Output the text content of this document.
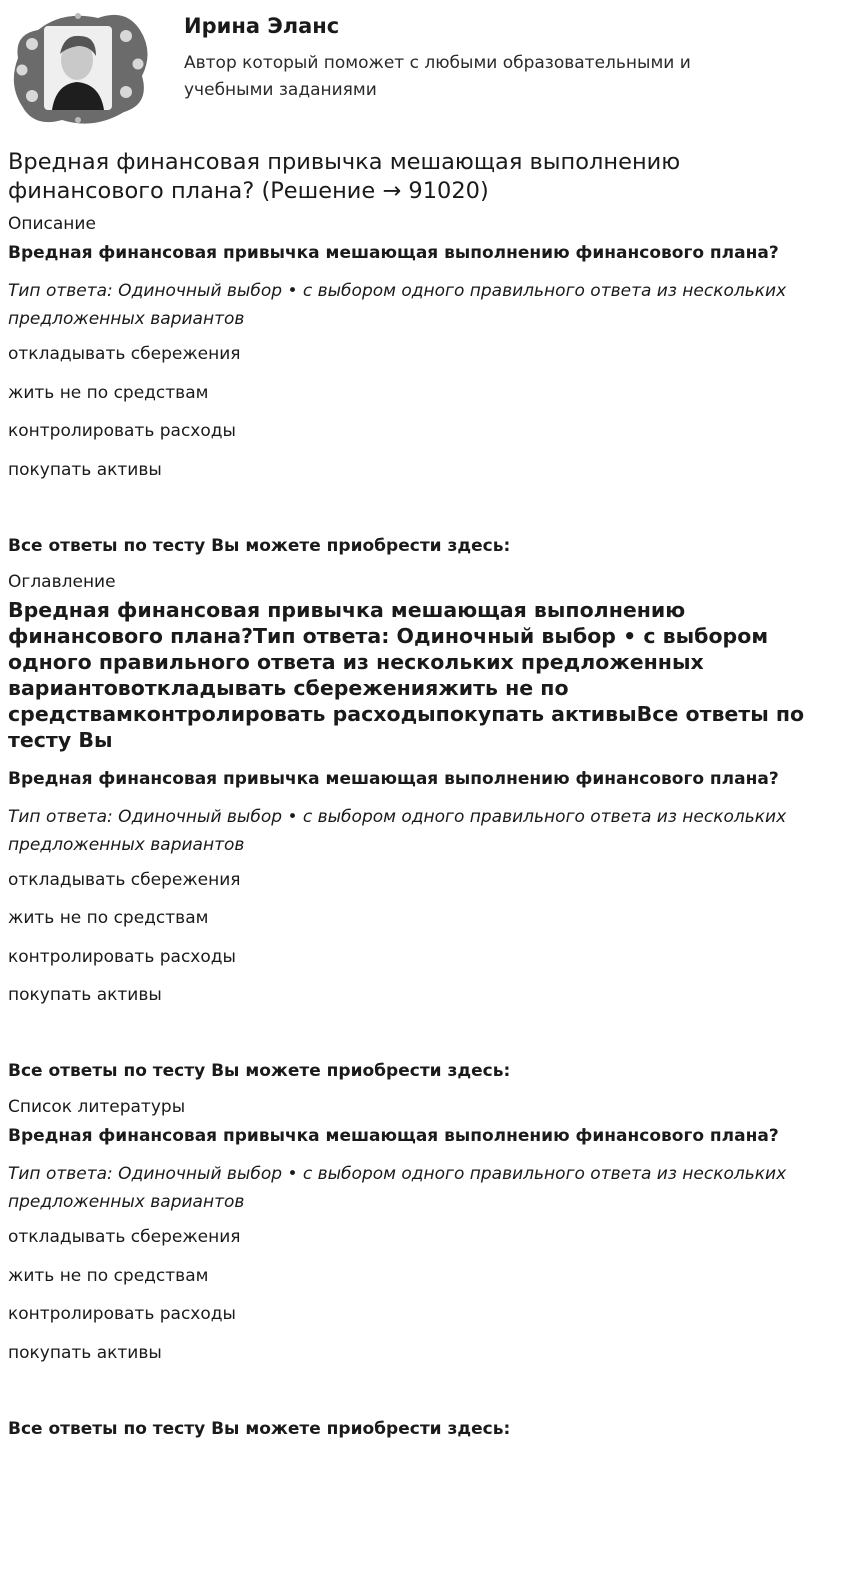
Ирина Эланс
Автор который поможет с любыми образовательными и учебными заданиями
Вредная финансовая привычка мешающая выполнению финансового плана? (Решение → 91020)
Описание
Вредная финансовая привычка мешающая выполнению финансового плана?
Тип ответа: Одиночный выбор • с выбором одного правильного ответа из нескольких предложенных вариантов
откладывать сбережения
жить не по средствам
контролировать расходы
покупать активы
Все ответы по тесту Вы можете приобрести здесь:
Оглавление
Вредная финансовая привычка мешающая выполнению финансового плана?Тип ответа: Одиночный выбор • с выбором одного правильного ответа из нескольких предложенных вариантовоткладывать сбереженияжить не по средствамконтролировать расходыпокупать активыВсе ответы по тесту Вы
Вредная финансовая привычка мешающая выполнению финансового плана?
Тип ответа: Одиночный выбор • с выбором одного правильного ответа из нескольких предложенных вариантов
откладывать сбережения
жить не по средствам
контролировать расходы
покупать активы
Все ответы по тесту Вы можете приобрести здесь:
Список литературы
Вредная финансовая привычка мешающая выполнению финансового плана?
Тип ответа: Одиночный выбор • с выбором одного правильного ответа из нескольких предложенных вариантов
откладывать сбережения
жить не по средствам
контролировать расходы
покупать активы
Все ответы по тесту Вы можете приобрести здесь:
